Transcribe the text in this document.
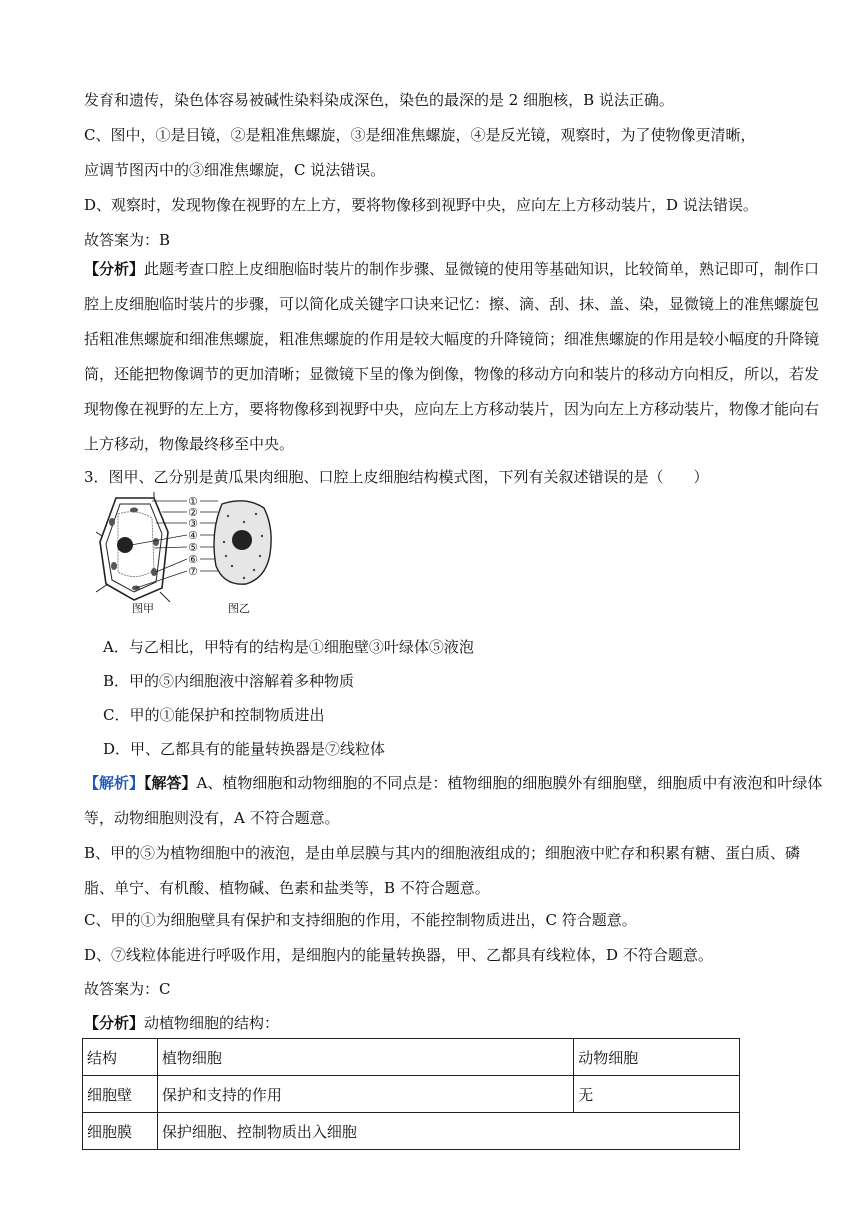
发育和遗传，染色体容易被碱性染料染成深色，染色的最深的是 2 细胞核，B 说法正确。

C、图中，①是目镜，②是粗准焦螺旋，③是细准焦螺旋，④是反光镜，观察时，为了使物像更清晰，

应调节图丙中的③细准焦螺旋，C 说法错误。

D、观察时，发现物像在视野的左上方，要将物像移到视野中央，应向左上方移动装片，D 说法错误。

故答案为：B

【分析】此题考查口腔上皮细胞临时装片的制作步骤、显微镜的使用等基础知识，比较简单，熟记即可，制作口腔上皮细胞临时装片的步骤，可以简化成关键字口诀来记忆：擦、滴、刮、抹、盖、染，显微镜上的准焦螺旋包括粗准焦螺旋和细准焦螺旋，粗准焦螺旋的作用是较大幅度的升降镜筒；细准焦螺旋的作用是较小幅度的升降镜筒，还能把物像调节的更加清晰；显微镜下呈的像为倒像，物像的移动方向和装片的移动方向相反，所以，若发现物像在视野的左上方，要将物像移到视野中央，应向左上方移动装片，因为向左上方移动装片，物像才能向右上方移动，物像最终移至中央。

3．图甲、乙分别是黄瓜果肉细胞、口腔上皮细胞结构模式图，下列有关叙述错误的是（　　）

①
②
③
④
⑤
⑥
⑦
图甲	图乙

A．与乙相比，甲特有的结构是①细胞壁③叶绿体⑤液泡

B．甲的⑤内细胞液中溶解着多种物质

C．甲的①能保护和控制物质进出

D．甲、乙都具有的能量转换器是⑦线粒体

【解析】【解答】A、植物细胞和动物细胞的不同点是：植物细胞的细胞膜外有细胞壁，细胞质中有液泡和叶绿体等，动物细胞则没有，A 不符合题意。

B、甲的⑤为植物细胞中的液泡，是由单层膜与其内的细胞液组成的；细胞液中贮存和积累有糖、蛋白质、磷脂、单宁、有机酸、植物碱、色素和盐类等，B 不符合题意。

C、甲的①为细胞壁具有保护和支持细胞的作用，不能控制物质进出，C 符合题意。

D、⑦线粒体能进行呼吸作用，是细胞内的能量转换器，甲、乙都具有线粒体，D 不符合题意。

故答案为：C

【分析】动植物细胞的结构：

结构	植物细胞	动物细胞
细胞壁	保护和支持的作用	无
细胞膜	保护细胞、控制物质出入细胞	
